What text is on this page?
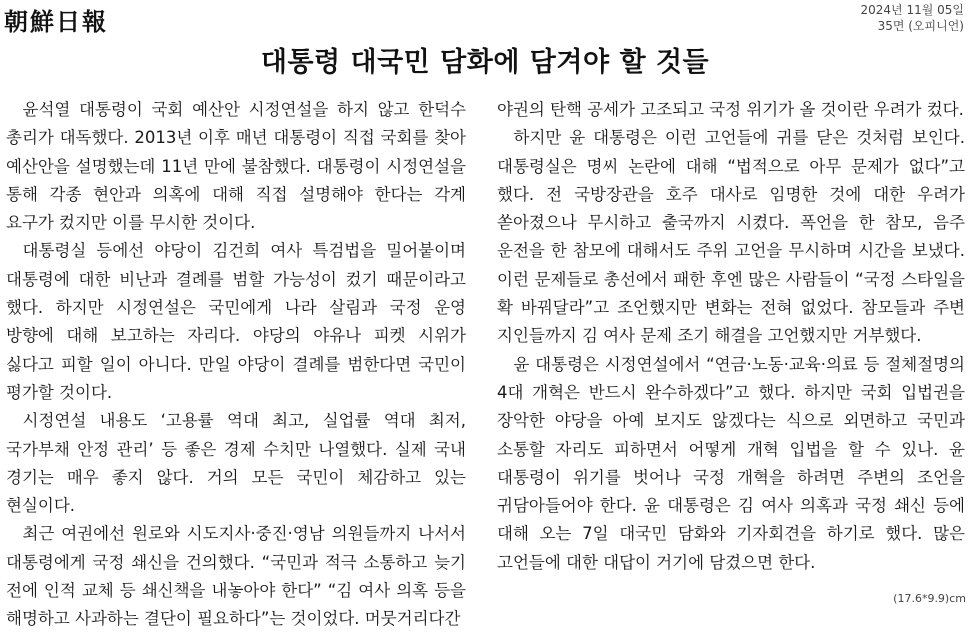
朝鮮日報	2024년 11월 05일
35면 (오피니언)
대통령 대국민 담화에 담겨야 할 것들

윤석열 대통령이 국회 예산안 시정연설을 하지 않고 한덕수 총리가 대독했다. 2013년 이후 매년 대통령이 직접 국회를 찾아 예산안을 설명했는데 11년 만에 불참했다. 대통령이 시정연설을 통해 각종 현안과 의혹에 대해 직접 설명해야 한다는 각계 요구가 컸지만 이를 무시한 것이다.

대통령실 등에선 야당이 김건희 여사 특검법을 밀어붙이며 대통령에 대한 비난과 결례를 범할 가능성이 컸기 때문이라고 했다. 하지만 시정연설은 국민에게 나라 살림과 국정 운영 방향에 대해 보고하는 자리다. 야당의 야유나 피켓 시위가 싫다고 피할 일이 아니다. 만일 야당이 결례를 범한다면 국민이 평가할 것이다.

시정연설 내용도 ‘고용률 역대 최고, 실업률 역대 최저, 국가부채 안정 관리’ 등 좋은 경제 수치만 나열했다. 실제 국내 경기는 매우 좋지 않다. 거의 모든 국민이 체감하고 있는 현실이다.

최근 여권에선 원로와 시도지사·중진·영남 의원들까지 나서서 대통령에게 국정 쇄신을 건의했다. “국민과 적극 소통하고 늦기 전에 인적 교체 등 쇄신책을 내놓아야 한다” “김 여사 의혹 등을 해명하고 사과하는 결단이 필요하다”는 것이었다. 머뭇거리다간

야권의 탄핵 공세가 고조되고 국정 위기가 올 것이란 우려가 컸다.

하지만 윤 대통령은 이런 고언들에 귀를 닫은 것처럼 보인다. 대통령실은 명씨 논란에 대해 “법적으로 아무 문제가 없다”고 했다. 전 국방장관을 호주 대사로 임명한 것에 대한 우려가 쏟아졌으나 무시하고 출국까지 시켰다. 폭언을 한 참모, 음주 운전을 한 참모에 대해서도 주위 고언을 무시하며 시간을 보냈다. 이런 문제들로 총선에서 패한 후엔 많은 사람들이 “국정 스타일을 확 바꿔달라”고 조언했지만 변화는 전혀 없었다. 참모들과 주변 지인들까지 김 여사 문제 조기 해결을 고언했지만 거부했다.

윤 대통령은 시정연설에서 “연금·노동·교육·의료 등 절체절명의 4대 개혁은 반드시 완수하겠다”고 했다. 하지만 국회 입법권을 장악한 야당을 아예 보지도 않겠다는 식으로 외면하고 국민과 소통할 자리도 피하면서 어떻게 개혁 입법을 할 수 있나. 윤 대통령이 위기를 벗어나 국정 개혁을 하려면 주변의 조언을 귀담아들어야 한다. 윤 대통령은 김 여사 의혹과 국정 쇄신 등에 대해 오는 7일 대국민 담화와 기자회견을 하기로 했다. 많은 고언들에 대한 대답이 거기에 담겼으면 한다.

(17.6*9.9)cm
